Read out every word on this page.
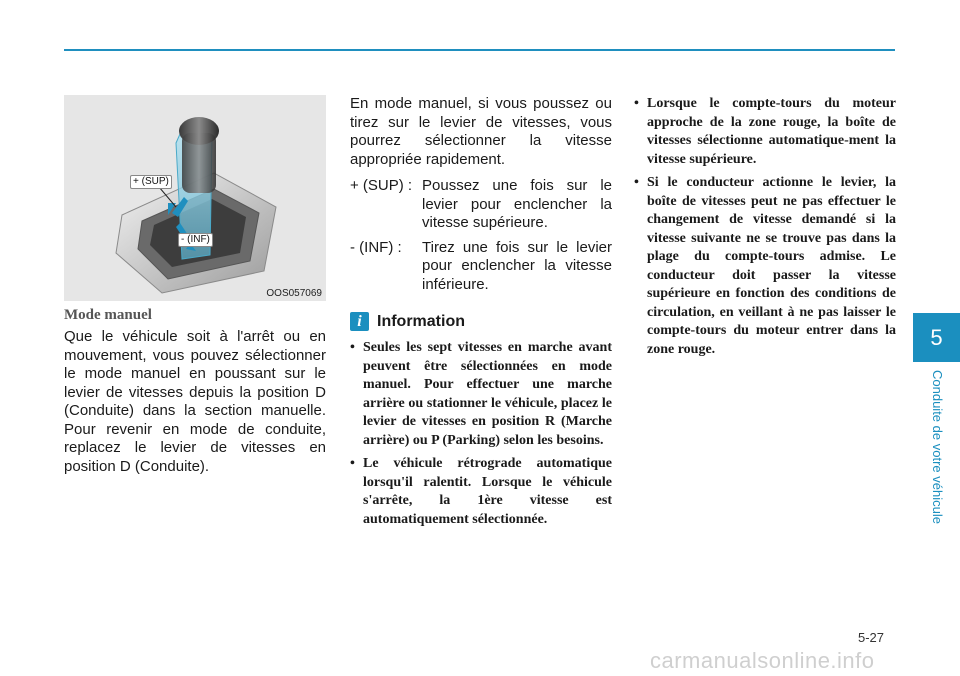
+ (SUP)
- (INF)
OOS057069
Mode manuel

Que le véhicule soit à l'arrêt ou en mouvement, vous pouvez sélectionner le mode manuel en poussant sur le levier de vitesses depuis la position D (Conduite) dans la section manuelle. Pour revenir en mode de conduite, replacez le levier de vitesses en position D (Conduite).

En mode manuel, si vous poussez ou tirez sur le levier de vitesses, vous pourrez sélectionner la vitesse appropriée rapidement.

+ (SUP) : Poussez une fois sur le levier pour enclencher la vitesse supérieure.
- (INF) :	Tirez une fois sur le levier pour enclencher la vitesse inférieure.
i Information
• Seules les sept vitesses en marche avant peuvent être sélectionnées en mode manuel. Pour effectuer une marche arrière ou stationner le véhicule, placez le levier de vitesses en position R (Marche arrière) ou P (Parking) selon les besoins.
• Le véhicule rétrograde automatique lorsqu'il ralentit. Lorsque le véhicule s'arrête, la 1ère vitesse est automatiquement sélectionnée.
• Lorsque le compte-tours du moteur approche de la zone rouge, la boîte de vitesses sélectionne automatique-ment la vitesse supérieure.
• Si le conducteur actionne le levier, la boîte de vitesses peut ne pas effectuer le changement de vitesse demandé si la vitesse suivante ne se trouve pas dans la plage du compte-tours admise. Le conducteur doit passer la vitesse supérieure en fonction des conditions de circulation, en veillant à ne pas laisser le compte-tours du moteur entrer dans la zone rouge.	5
Conduite de votre véhicule
5-27
carmanualsonline.info
